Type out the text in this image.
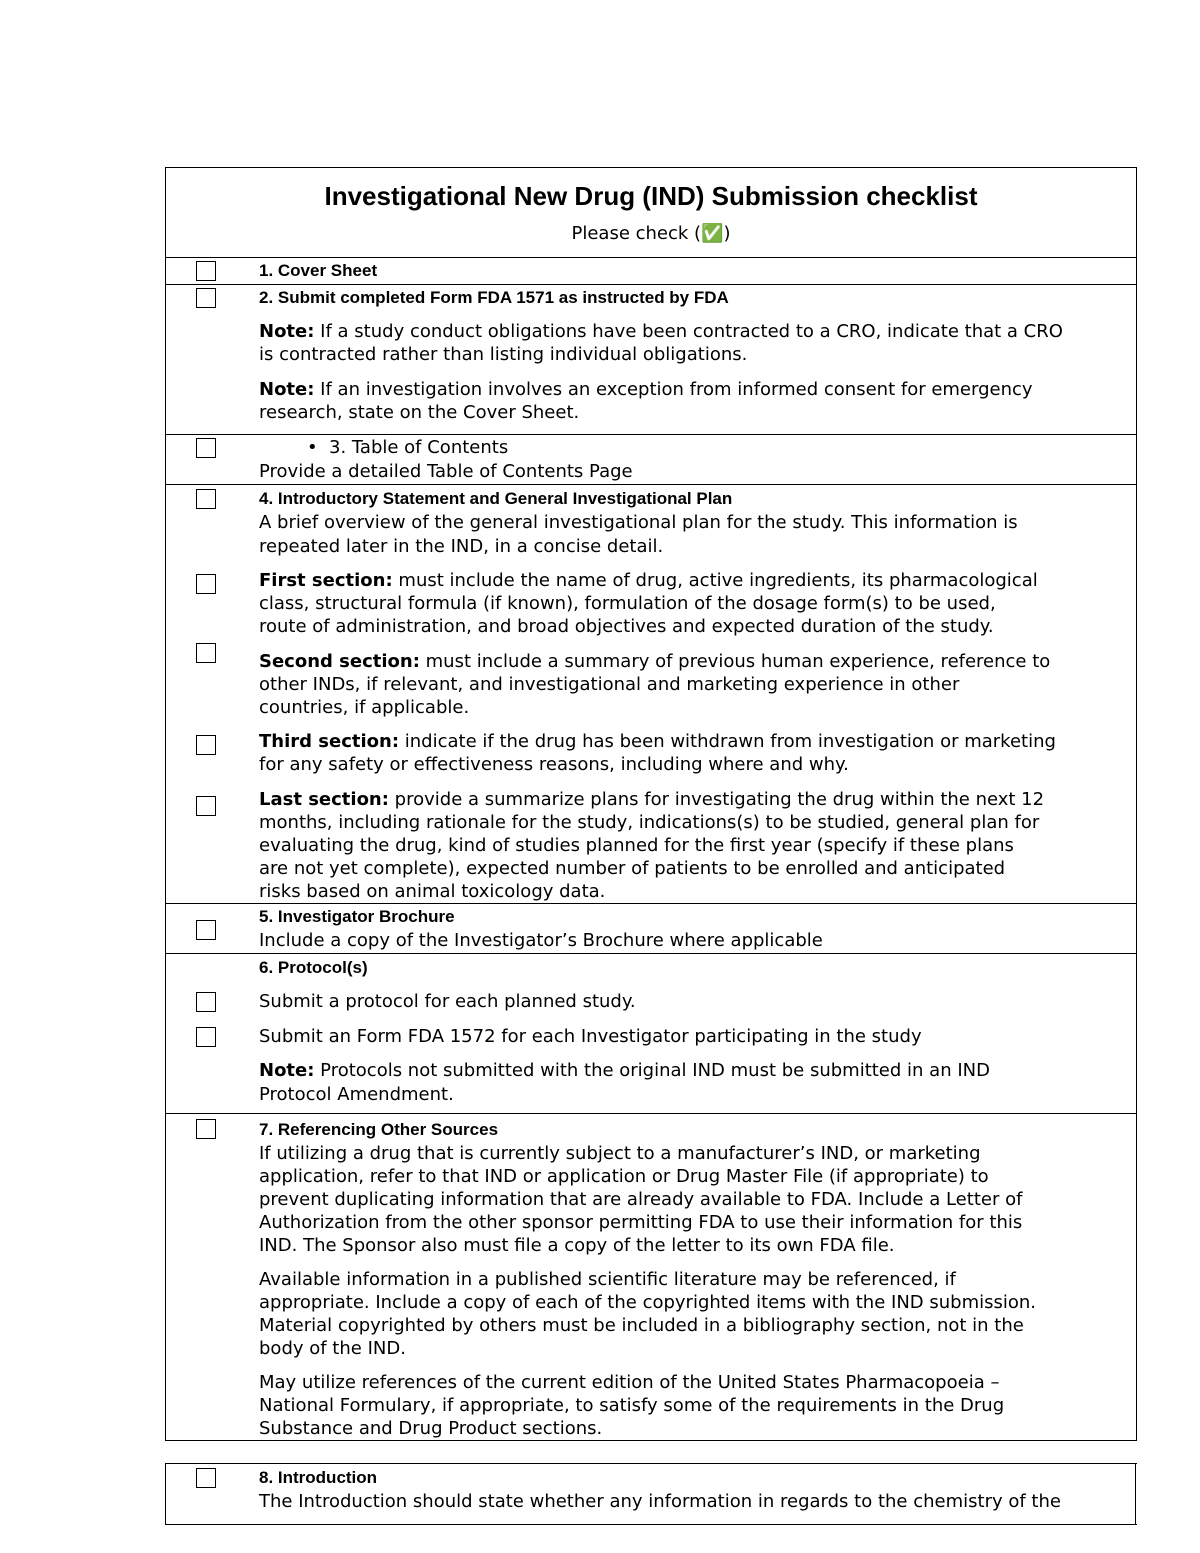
Investigational New Drug (IND) Submission checklist
Please check (✅)
1. Cover Sheet
2. Submit completed Form FDA 1571 as instructed by FDA
Note: If a study conduct obligations have been contracted to a CRO, indicate that a CRO
is contracted rather than listing individual obligations.
Note: If an investigation involves an exception from informed consent for emergency
research, state on the Cover Sheet.
• 3. Table of Contents
Provide a detailed Table of Contents Page
4. Introductory Statement and General Investigational Plan
A brief overview of the general investigational plan for the study. This information is
repeated later in the IND, in a concise detail.
First section: must include the name of drug, active ingredients, its pharmacological
class, structural formula (if known), formulation of the dosage form(s) to be used,
route of administration, and broad objectives and expected duration of the study.
Second section: must include a summary of previous human experience, reference to
other INDs, if relevant, and investigational and marketing experience in other
countries, if applicable.
Third section: indicate if the drug has been withdrawn from investigation or marketing
for any safety or effectiveness reasons, including where and why.
Last section: provide a summarize plans for investigating the drug within the next 12
months, including rationale for the study, indications(s) to be studied, general plan for
evaluating the drug, kind of studies planned for the first year (specify if these plans
are not yet complete), expected number of patients to be enrolled and anticipated
risks based on animal toxicology data.
5. Investigator Brochure
Include a copy of the Investigator’s Brochure where applicable
6. Protocol(s)
Submit a protocol for each planned study.
Submit an Form FDA 1572 for each Investigator participating in the study
Note: Protocols not submitted with the original IND must be submitted in an IND
Protocol Amendment.
7. Referencing Other Sources
If utilizing a drug that is currently subject to a manufacturer’s IND, or marketing
application, refer to that IND or application or Drug Master File (if appropriate) to
prevent duplicating information that are already available to FDA. Include a Letter of
Authorization from the other sponsor permitting FDA to use their information for this
IND. The Sponsor also must file a copy of the letter to its own FDA file.
Available information in a published scientific literature may be referenced, if
appropriate. Include a copy of each of the copyrighted items with the IND submission.
Material copyrighted by others must be included in a bibliography section, not in the
body of the IND.
May utilize references of the current edition of the United States Pharmacopoeia –
National Formulary, if appropriate, to satisfy some of the requirements in the Drug
Substance and Drug Product sections.
8. Introduction
The Introduction should state whether any information in regards to the chemistry of the
